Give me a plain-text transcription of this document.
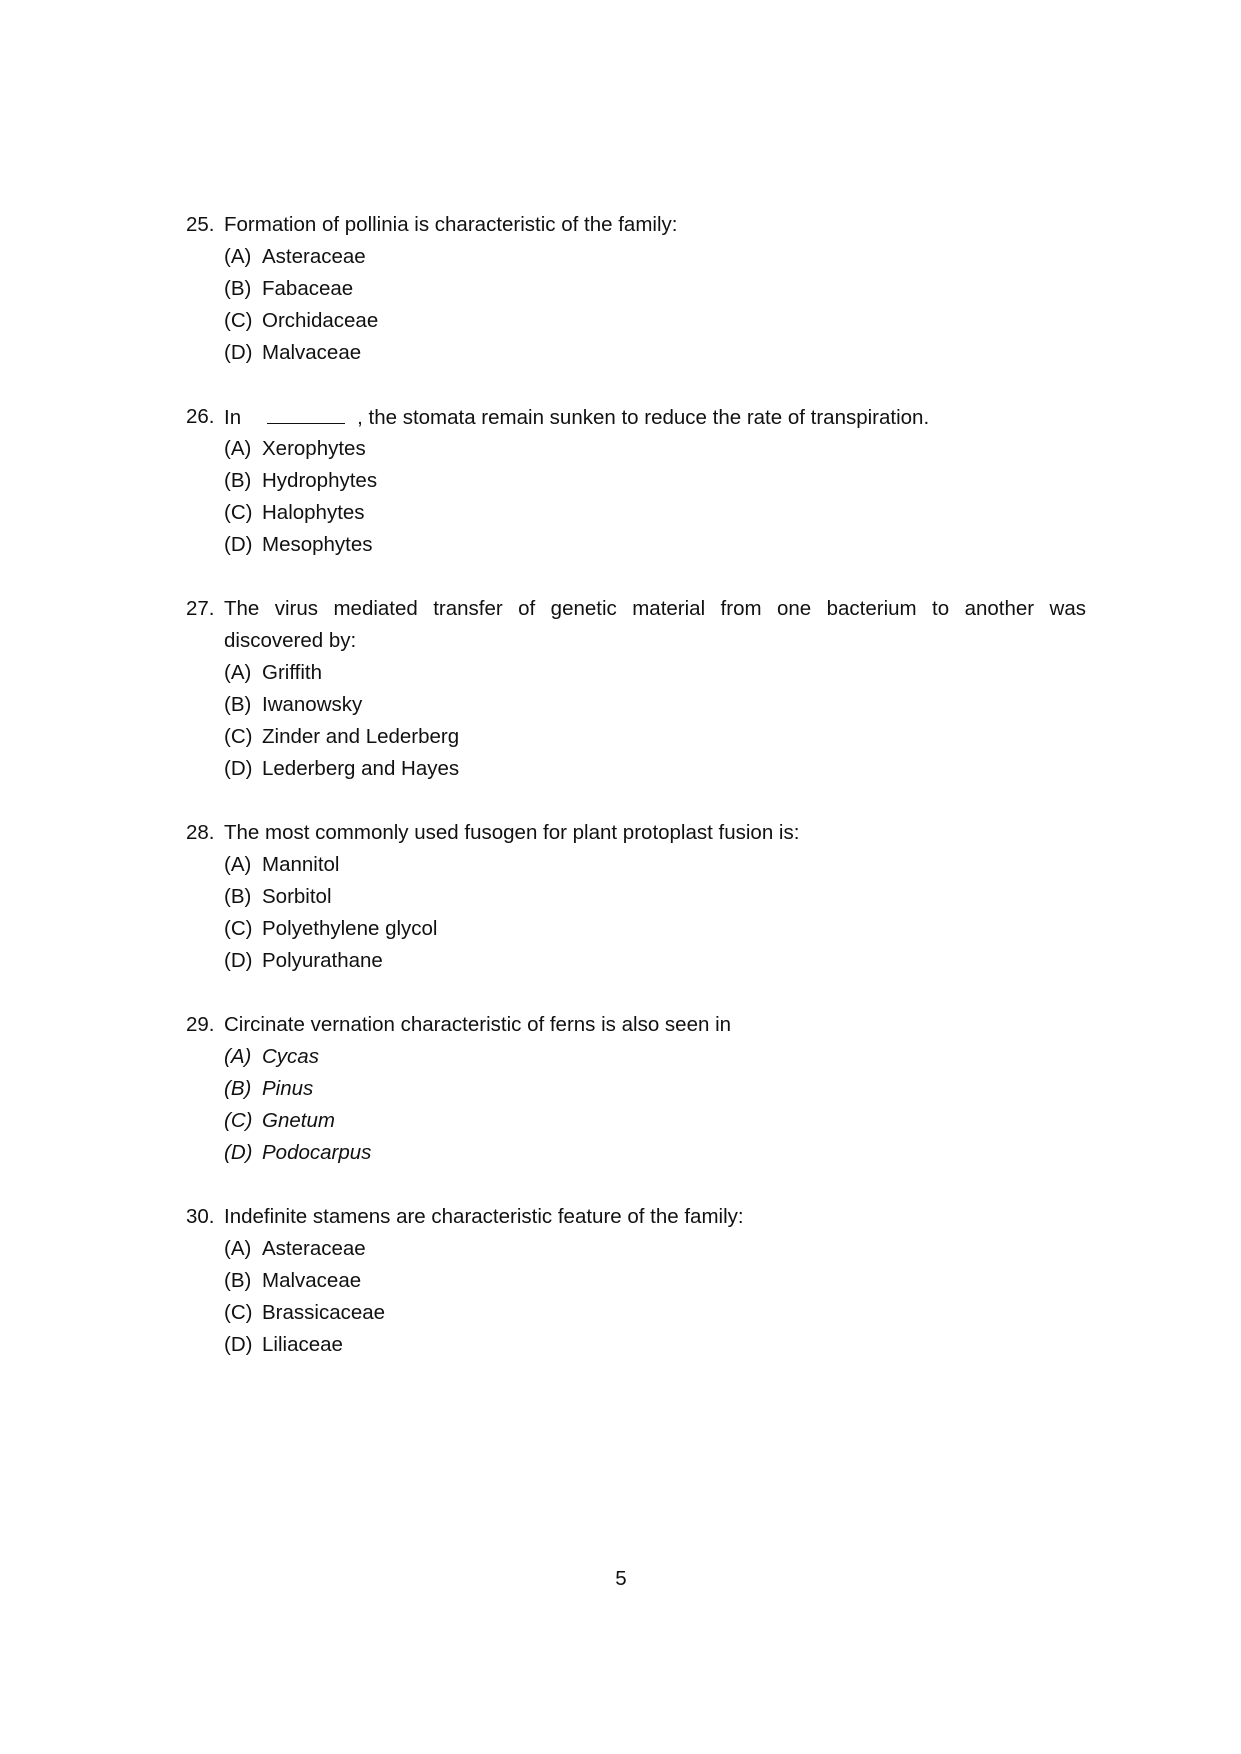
25. Formation of pollinia is characteristic of the family:
(A) Asteraceae
(B) Fabaceae
(C) Orchidaceae
(D) Malvaceae
26. In	, the stomata remain sunken to reduce the rate of transpiration.
(A) Xerophytes
(B) Hydrophytes
(C) Halophytes
(D) Mesophytes
27. The virus mediated transfer of genetic material from one bacterium to another was
discovered by:
(A) Griffith
(B) Iwanowsky
(C) Zinder and Lederberg
(D) Lederberg and Hayes
28. The most commonly used fusogen for plant protoplast fusion is:
(A) Mannitol
(B) Sorbitol
(C) Polyethylene glycol
(D) Polyurathane
29. Circinate vernation characteristic of ferns is also seen in
(A) Cycas
(B) Pinus
(C) Gnetum
(D) Podocarpus
30. Indefinite stamens are characteristic feature of the family:
(A) Asteraceae
(B) Malvaceae
(C) Brassicaceae
(D) Liliaceae
5
